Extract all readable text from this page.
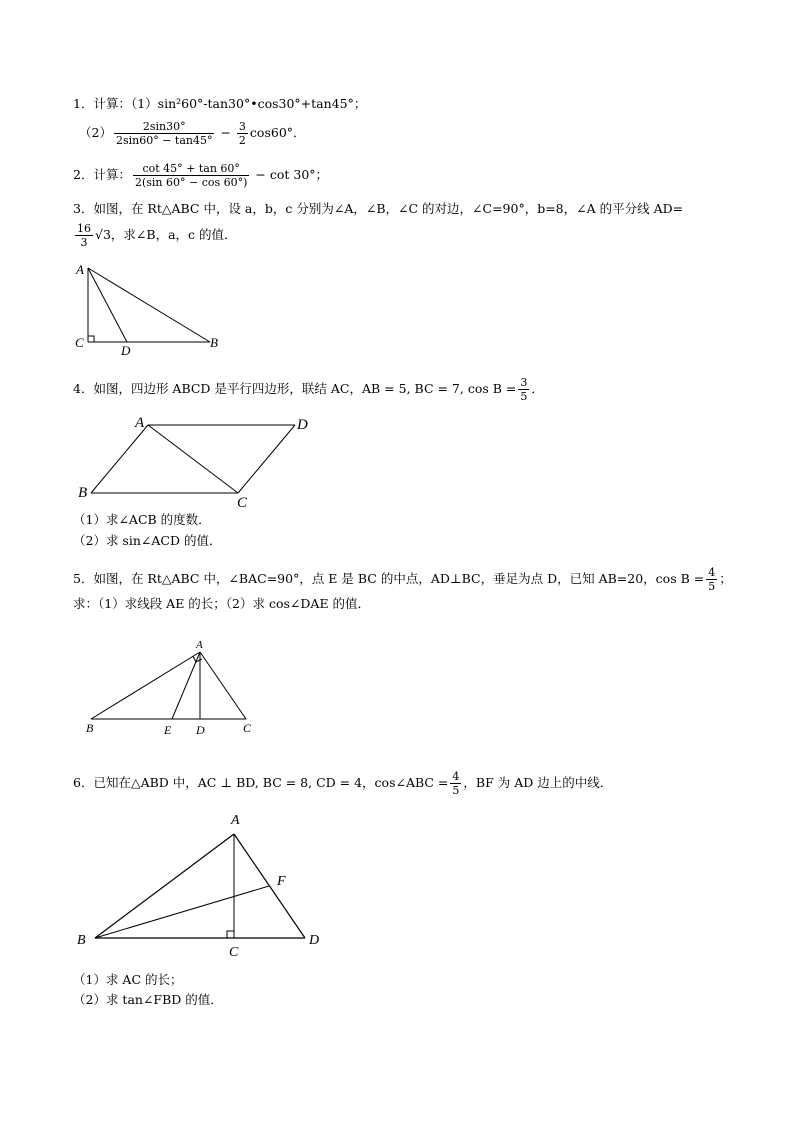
1．计算：（1）sin²60°-tan30°•cos30°+tan45°；
$(2) \frac{2\sin 30^\circ}{2\sin 60^\circ - \tan 45^\circ} - \frac{3}{2} \cos 60^\circ$．
2．计算： $\frac{\cot 45^\circ + \tan 60^\circ}{2(\sin 60^\circ - \cos 60^\circ)} - \cot 30^\circ$；
3．如图，在 Rt△ABC 中，设 a，b，c 分别为∠A，∠B，∠C 的对边，∠C=90°，b=8，∠A 的平分线 AD=
$\frac{16}{3} √3$，求∠B，a，c 的值．
A
C
D
B
4．如图，四边形 ABCD 是平行四边形，联结 AC，AB = 5, BC = 7, $\cos B = \frac{3}{5}$ ．
A	D
B
C
（1）求∠ACB 的度数．
（2）求 sin∠ACD 的值．
5．如图，在 Rt△ABC 中，∠BAC=90°，点 E 是 BC 的中点，AD⊥BC，垂足为点 D，已知 AB=20，$\cos B = \frac{4}{5}$ ；
求：（1）求线段 AE 的长；（2）求 cos∠DAE 的值．
A
B	E D	C
6．已知在△ABD 中，AC ⊥ BD, BC = 8, CD = 4，cos∠ABC = $\frac{4}{5}$ ，BF 为 AD 边上的中线．
A
F
B
C
D
（1）求 AC 的长；
（2）求 tan∠FBD 的值．
